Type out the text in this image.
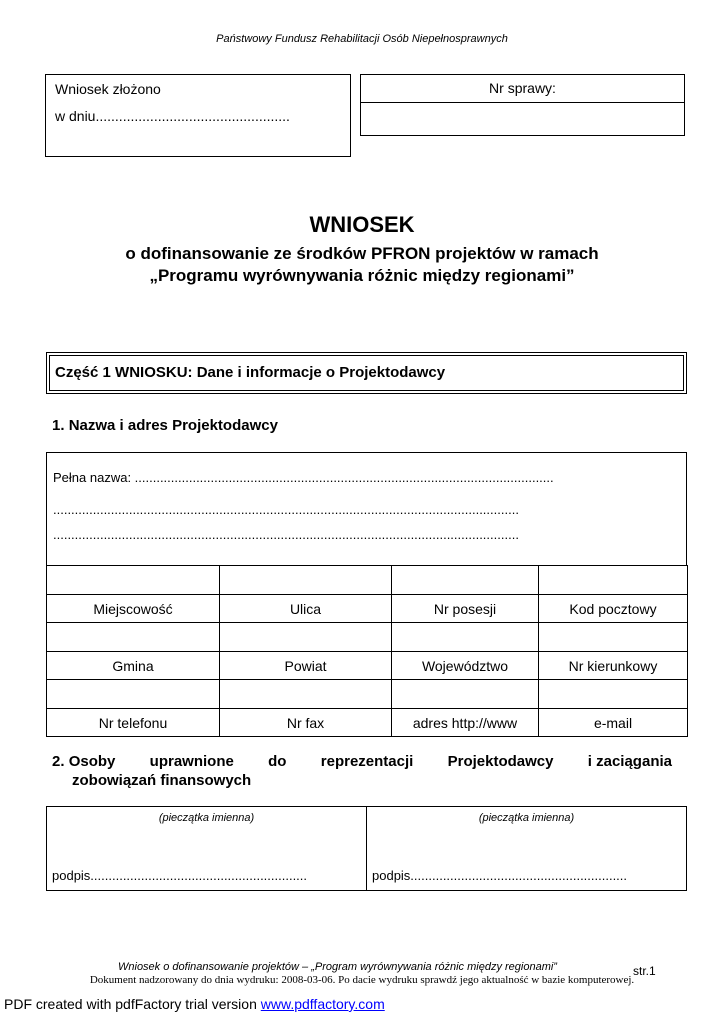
Państwowy Fundusz Rehabilitacji Osób Niepełnosprawnych
Wniosek złożono
w dniu..................................................
Nr sprawy:
WNIOSEK
o dofinansowanie ze środków PFRON projektów w ramach
„Programu wyrównywania różnic między regionami”
Część 1 WNIOSKU: Dane i informacje o Projektodawcy
1. Nazwa i adres Projektodawcy
Pełna nazwa: ....................................................................................................................
.................................................................................................................................
.................................................................................................................................

Miejscowość	Ulica	Nr posesji	Kod pocztowy

Gmina	Powiat	Województwo	Nr kierunkowy

Nr telefonu	Nr fax	adres http://www	e-mail
2. Osoby uprawnione do reprezentacji Projektodawcy i zaciągania
zobowiązań finansowych
(pieczątka imienna)
podpis............................................................
(pieczątka imienna)
podpis............................................................
Wniosek o dofinansowanie projektów – „Program wyrównywania różnic między regionami”	str.1
Dokument nadzorowany do dnia wydruku: 2008-03-06. Po dacie wydruku sprawdź jego aktualność w bazie komputerowej.
PDF created with pdfFactory trial version www.pdffactory.com
